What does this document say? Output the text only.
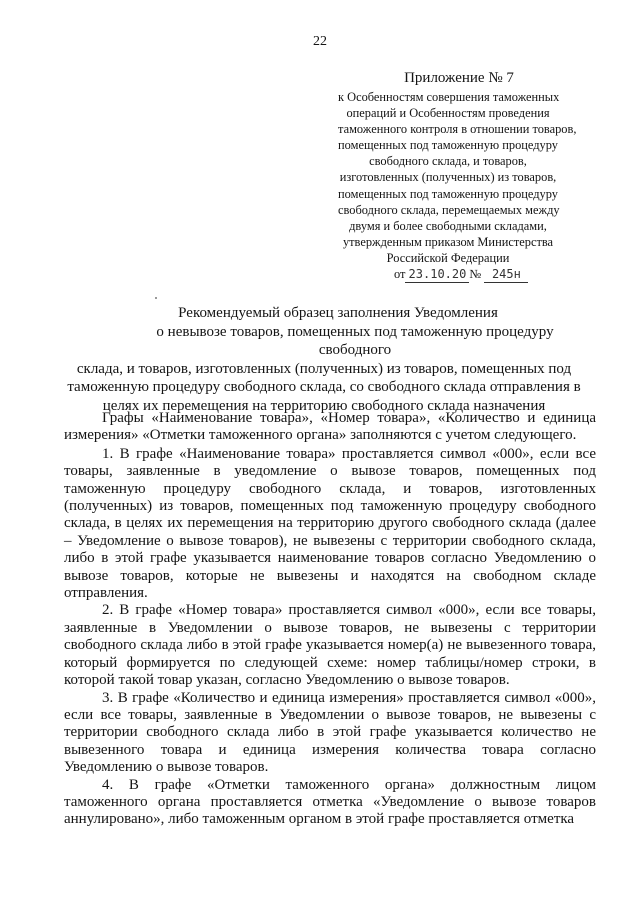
22
Приложение № 7
к Особенностям совершения таможенных
операций и Особенностям проведения
таможенного контроля в отношении товаров,
помещенных под таможенную процедуру
свободного склада, и товаров,
изготовленных (полученных) из товаров,
помещенных под таможенную процедуру
свободного склада, перемещаемых между
двумя и более свободными складами,
утвержденным приказом Министерства
Российской Федерации
от 23.10.20 № 245н
Рекомендуемый образец заполнения Уведомления
о невывозе товаров, помещенных под таможенную процедуру свободного
склада, и товаров, изготовленных (полученных) из товаров, помещенных под
таможенную процедуру свободного склада, со свободного склада отправления в
целях их перемещения на территорию свободного склада назначения

Графы «Наименование товара», «Номер товара», «Количество и единица измерения» «Отметки таможенного органа» заполняются с учетом следующего.

1. В графе «Наименование товара» проставляется символ «000», если все товары, заявленные в уведомление о вывозе товаров, помещенных под таможенную процедуру свободного склада, и товаров, изготовленных (полученных) из товаров, помещенных под таможенную процедуру свободного склада, в целях их перемещения на территорию другого свободного склада (далее – Уведомление о вывозе товаров), не вывезены с территории свободного склада, либо в этой графе указывается наименование товаров согласно Уведомлению о вывозе товаров, которые не вывезены и находятся на свободном складе отправления.

2. В графе «Номер товара» проставляется символ «000», если все товары, заявленные в Уведомлении о вывозе товаров, не вывезены с территории свободного склада либо в этой графе указывается номер(а) не вывезенного товара, который формируется по следующей схеме: номер таблицы/номер строки, в которой такой товар указан, согласно Уведомлению о вывозе товаров.

3. В графе «Количество и единица измерения» проставляется символ «000», если все товары, заявленные в Уведомлении о вывозе товаров, не вывезены с территории свободного склада либо в этой графе указывается количество не вывезенного товара и единица измерения количества товара согласно Уведомлению о вывозе товаров.

4. В графе «Отметки таможенного органа» должностным лицом таможенного органа проставляется отметка «Уведомление о вывозе товаров аннулировано», либо таможенным органом в этой графе проставляется отметка
